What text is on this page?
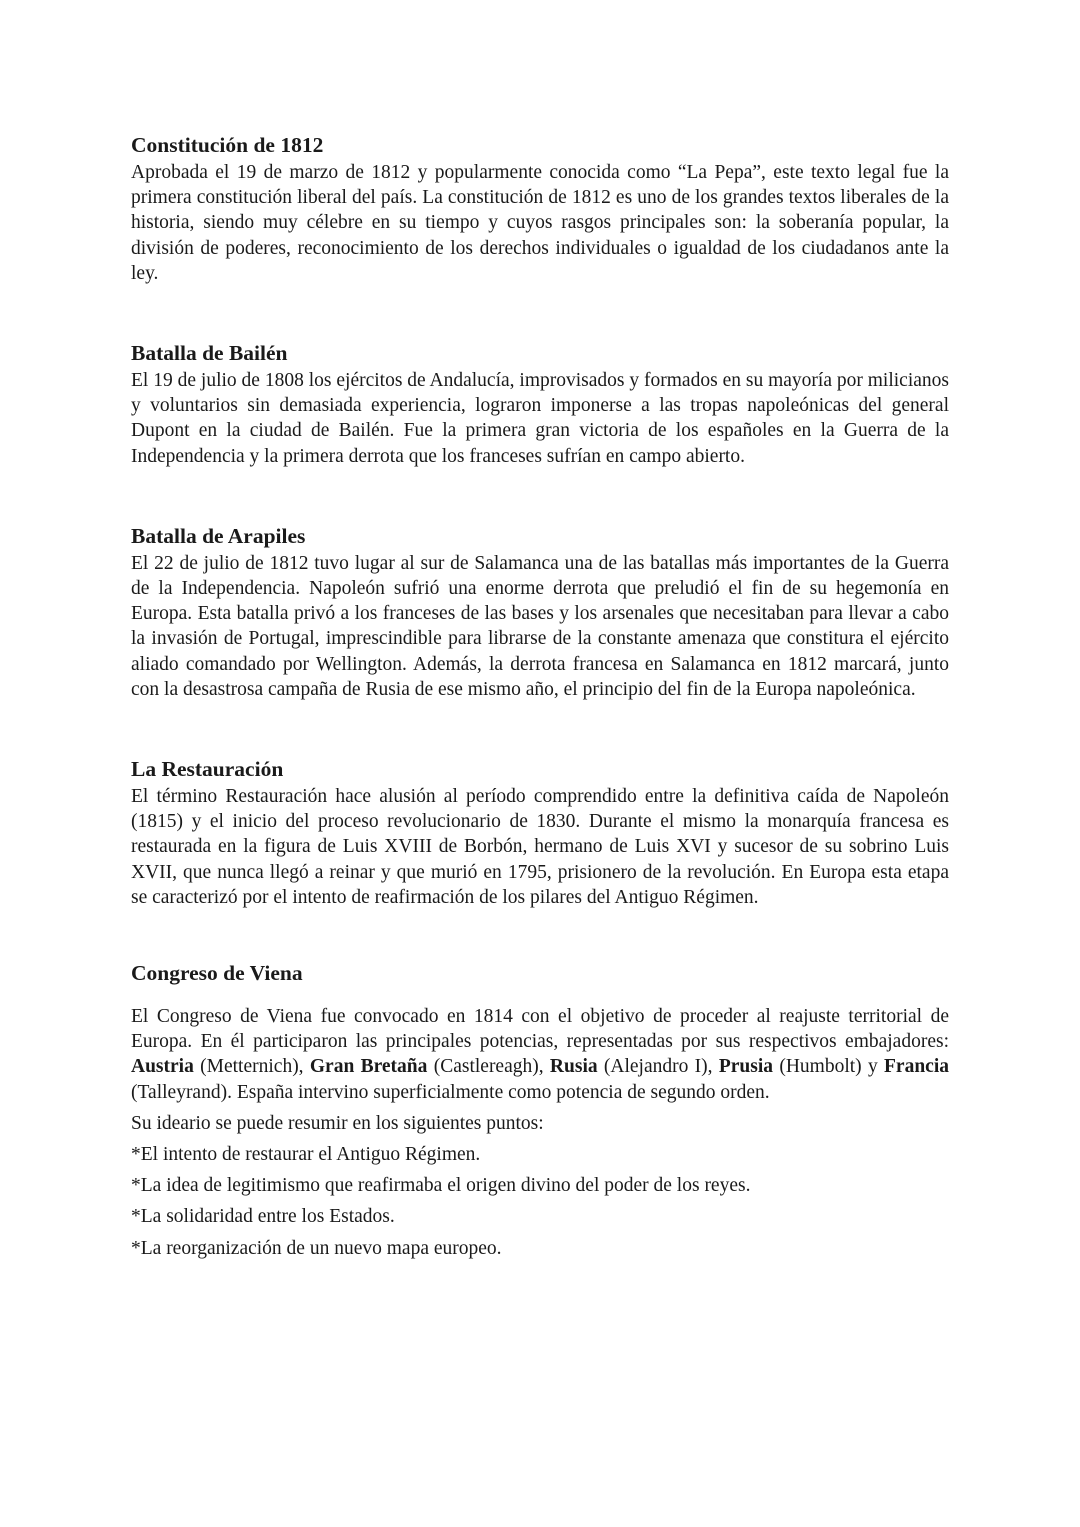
Constitución de 1812

Aprobada el 19 de marzo de 1812 y popularmente conocida como “La Pepa”, este texto legal fue la primera constitución liberal del país. La constitución de 1812 es uno de los grandes textos liberales de la historia, siendo muy célebre en su tiempo y cuyos rasgos principales son: la soberanía popular, la división de poderes, reconocimiento de los derechos individuales o igualdad de los ciudadanos ante la ley.

Batalla de Bailén

El 19 de julio de 1808 los ejércitos de Andalucía, improvisados y formados en su mayoría por milicianos y voluntarios sin demasiada experiencia, lograron imponerse a las tropas napoleónicas del general Dupont en la ciudad de Bailén. Fue la primera gran victoria de los españoles en la Guerra de la Independencia y la primera derrota que los franceses sufrían en campo abierto.

Batalla de Arapiles

El 22 de julio de 1812 tuvo lugar al sur de Salamanca una de las batallas más importantes de la Guerra de la Independencia. Napoleón sufrió una enorme derrota que preludió el fin de su hegemonía en Europa. Esta batalla privó a los franceses de las bases y los arsenales que necesitaban para llevar a cabo la invasión de Portugal, imprescindible para librarse de la constante amenaza que constitura el ejército aliado comandado por Wellington. Además, la derrota francesa en Salamanca en 1812 marcará, junto con la desastrosa campaña de Rusia de ese mismo año, el principio del fin de la Europa napoleónica.

La Restauración

El término Restauración hace alusión al período comprendido entre la definitiva caída de Napoleón (1815) y el inicio del proceso revolucionario de 1830. Durante el mismo la monarquía francesa es restaurada en la figura de Luis XVIII de Borbón, hermano de Luis XVI y sucesor de su sobrino Luis XVII, que nunca llegó a reinar y que murió en 1795, prisionero de la revolución. En Europa esta etapa se caracterizó por el intento de reafirmación de los pilares del Antiguo Régimen.

Congreso de Viena

El Congreso de Viena fue convocado en 1814 con el objetivo de proceder al reajuste territorial de Europa. En él participaron las principales potencias, representadas por sus respectivos embajadores: Austria (Metternich), Gran Bretaña (Castlereagh), Rusia (Alejandro I), Prusia (Humbolt) y Francia (Talleyrand). España intervino superficialmente como potencia de segundo orden.

Su ideario se puede resumir en los siguientes puntos:

*El intento de restaurar el Antiguo Régimen.

*La idea de legitimismo que reafirmaba el origen divino del poder de los reyes.

*La solidaridad entre los Estados.

*La reorganización de un nuevo mapa europeo.
